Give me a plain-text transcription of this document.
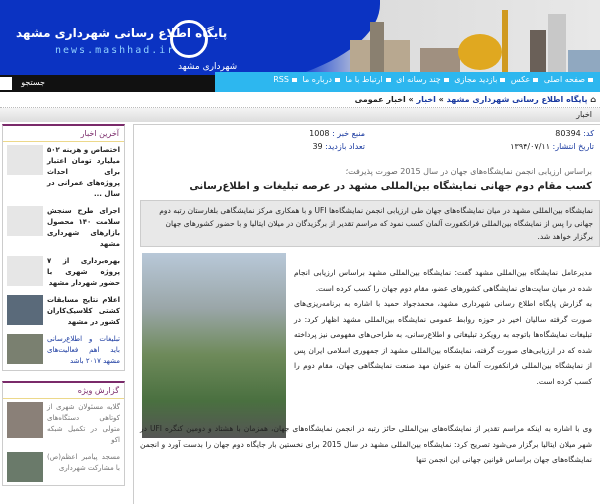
پایگاه اطلاع رسانی شهرداری مشهد
news.mashhad.ir
شهرداری مشهد
جستجو	صفحه اصلی عکس بازدید مجازی چند رسانه ای ارتباط با ما درباره ما RSS
⌂ پایگاه اطلاع رسانی شهرداری مشهد » اخبار » اخبار عمومی
اخبار
آخرین اخبار

اختصاص و هزینه ۵۰۲ میلیارد تومان اعتبار برای احداث پروژه‌های عمرانی در سال ...

اجرای طرح سنجش سلامت ۱۴۰ محصول بازارهای شهرداری مشهد

بهره‌برداری از ۷ پروژه شهری با حضور شهردار مشهد

اعلام نتایج مسابقات کشتی کلاسیک‌کاران کشور در مشهد

تبلیغات و اطلاع‌رسانی باید اهم فعالیت‌های مشهد ۲۰۱۷ باشد

گزارش ویژه

گلایه مسئولان شهری از کوتاهی دستگاه‌های متولی در تکمیل شبکه اکو

مسجد پیامبر اعظم(ص) با مشارکت شهرداری

کد: 80394
تاریخ انتشار: ۱۳۹۴/۰۷/۱۱
منبع خبر : 1008
تعداد بازدید: 39
براساس ارزیابی انجمن نمایشگاه‌های جهان در سال 2015 صورت پذیرفت؛
کسب مقام دوم جهانی نمایشگاه بین‌المللی مشهد در عرصه تبلیغات و اطلاع‌رسانی
نمایشگاه بین‌المللی مشهد در میان نمایشگاه‌های جهان طی ارزیابی انجمن نمایشگاه‌ها UFI و با همکاری مرکز نمایشگاهی بلغارستان رتبه دوم جهانی را پس از نمایشگاه بین‌المللی فرانکفورت آلمان کسب نمود که مراسم تقدیر از برگزیدگان در میلان ایتالیا و با حضور کشورهای جهان برگزار خواهد شد.

مدیرعامل نمایشگاه بین‌المللی مشهد گفت: نمایشگاه بین‌المللی مشهد براساس ارزیابی انجام شده در میان سایت‌های نمایشگاهی کشورهای عضو، مقام دوم جهان را کسب کرده است.

به گزارش پایگاه اطلاع رسانی شهرداری مشهد، محمدجواد حمید با اشاره به برنامه‌ریزی‌های صورت گرفته سالیان اخیر در حوزه روابط عمومی نمایشگاه بین‌المللی مشهد اظهار کرد: در تبلیغات نمایشگاه‌ها باتوجه به رویکرد تبلیغاتی و اطلاع‌رسانی، به طراحی‌های مفهومی نیز پرداخته شده که در ارزیابی‌های صورت گرفته، نمایشگاه بین‌المللی مشهد از جمهوری اسلامی ایران پس از نمایشگاه بین‌المللی فرانکفورت آلمان به عنوان مهد صنعت نمایشگاهی جهان، مقام دوم را کسب کرده است.

وی با اشاره به اینکه مراسم تقدیر از نمایشگاه‌های بین‌المللی حائز رتبه در انجمن نمایشگاه‌های جهان، همزمان با هشتاد و دومین کنگره UFI در شهر میلان ایتالیا برگزار می‌شود تصریح کرد: نمایشگاه بین‌المللی مشهد در سال 2015 برای نخستین بار جایگاه دوم جهان را بدست آورد و انجمن نمایشگاه‌های جهان براساس قوانین جهانی این انجمن تنها
